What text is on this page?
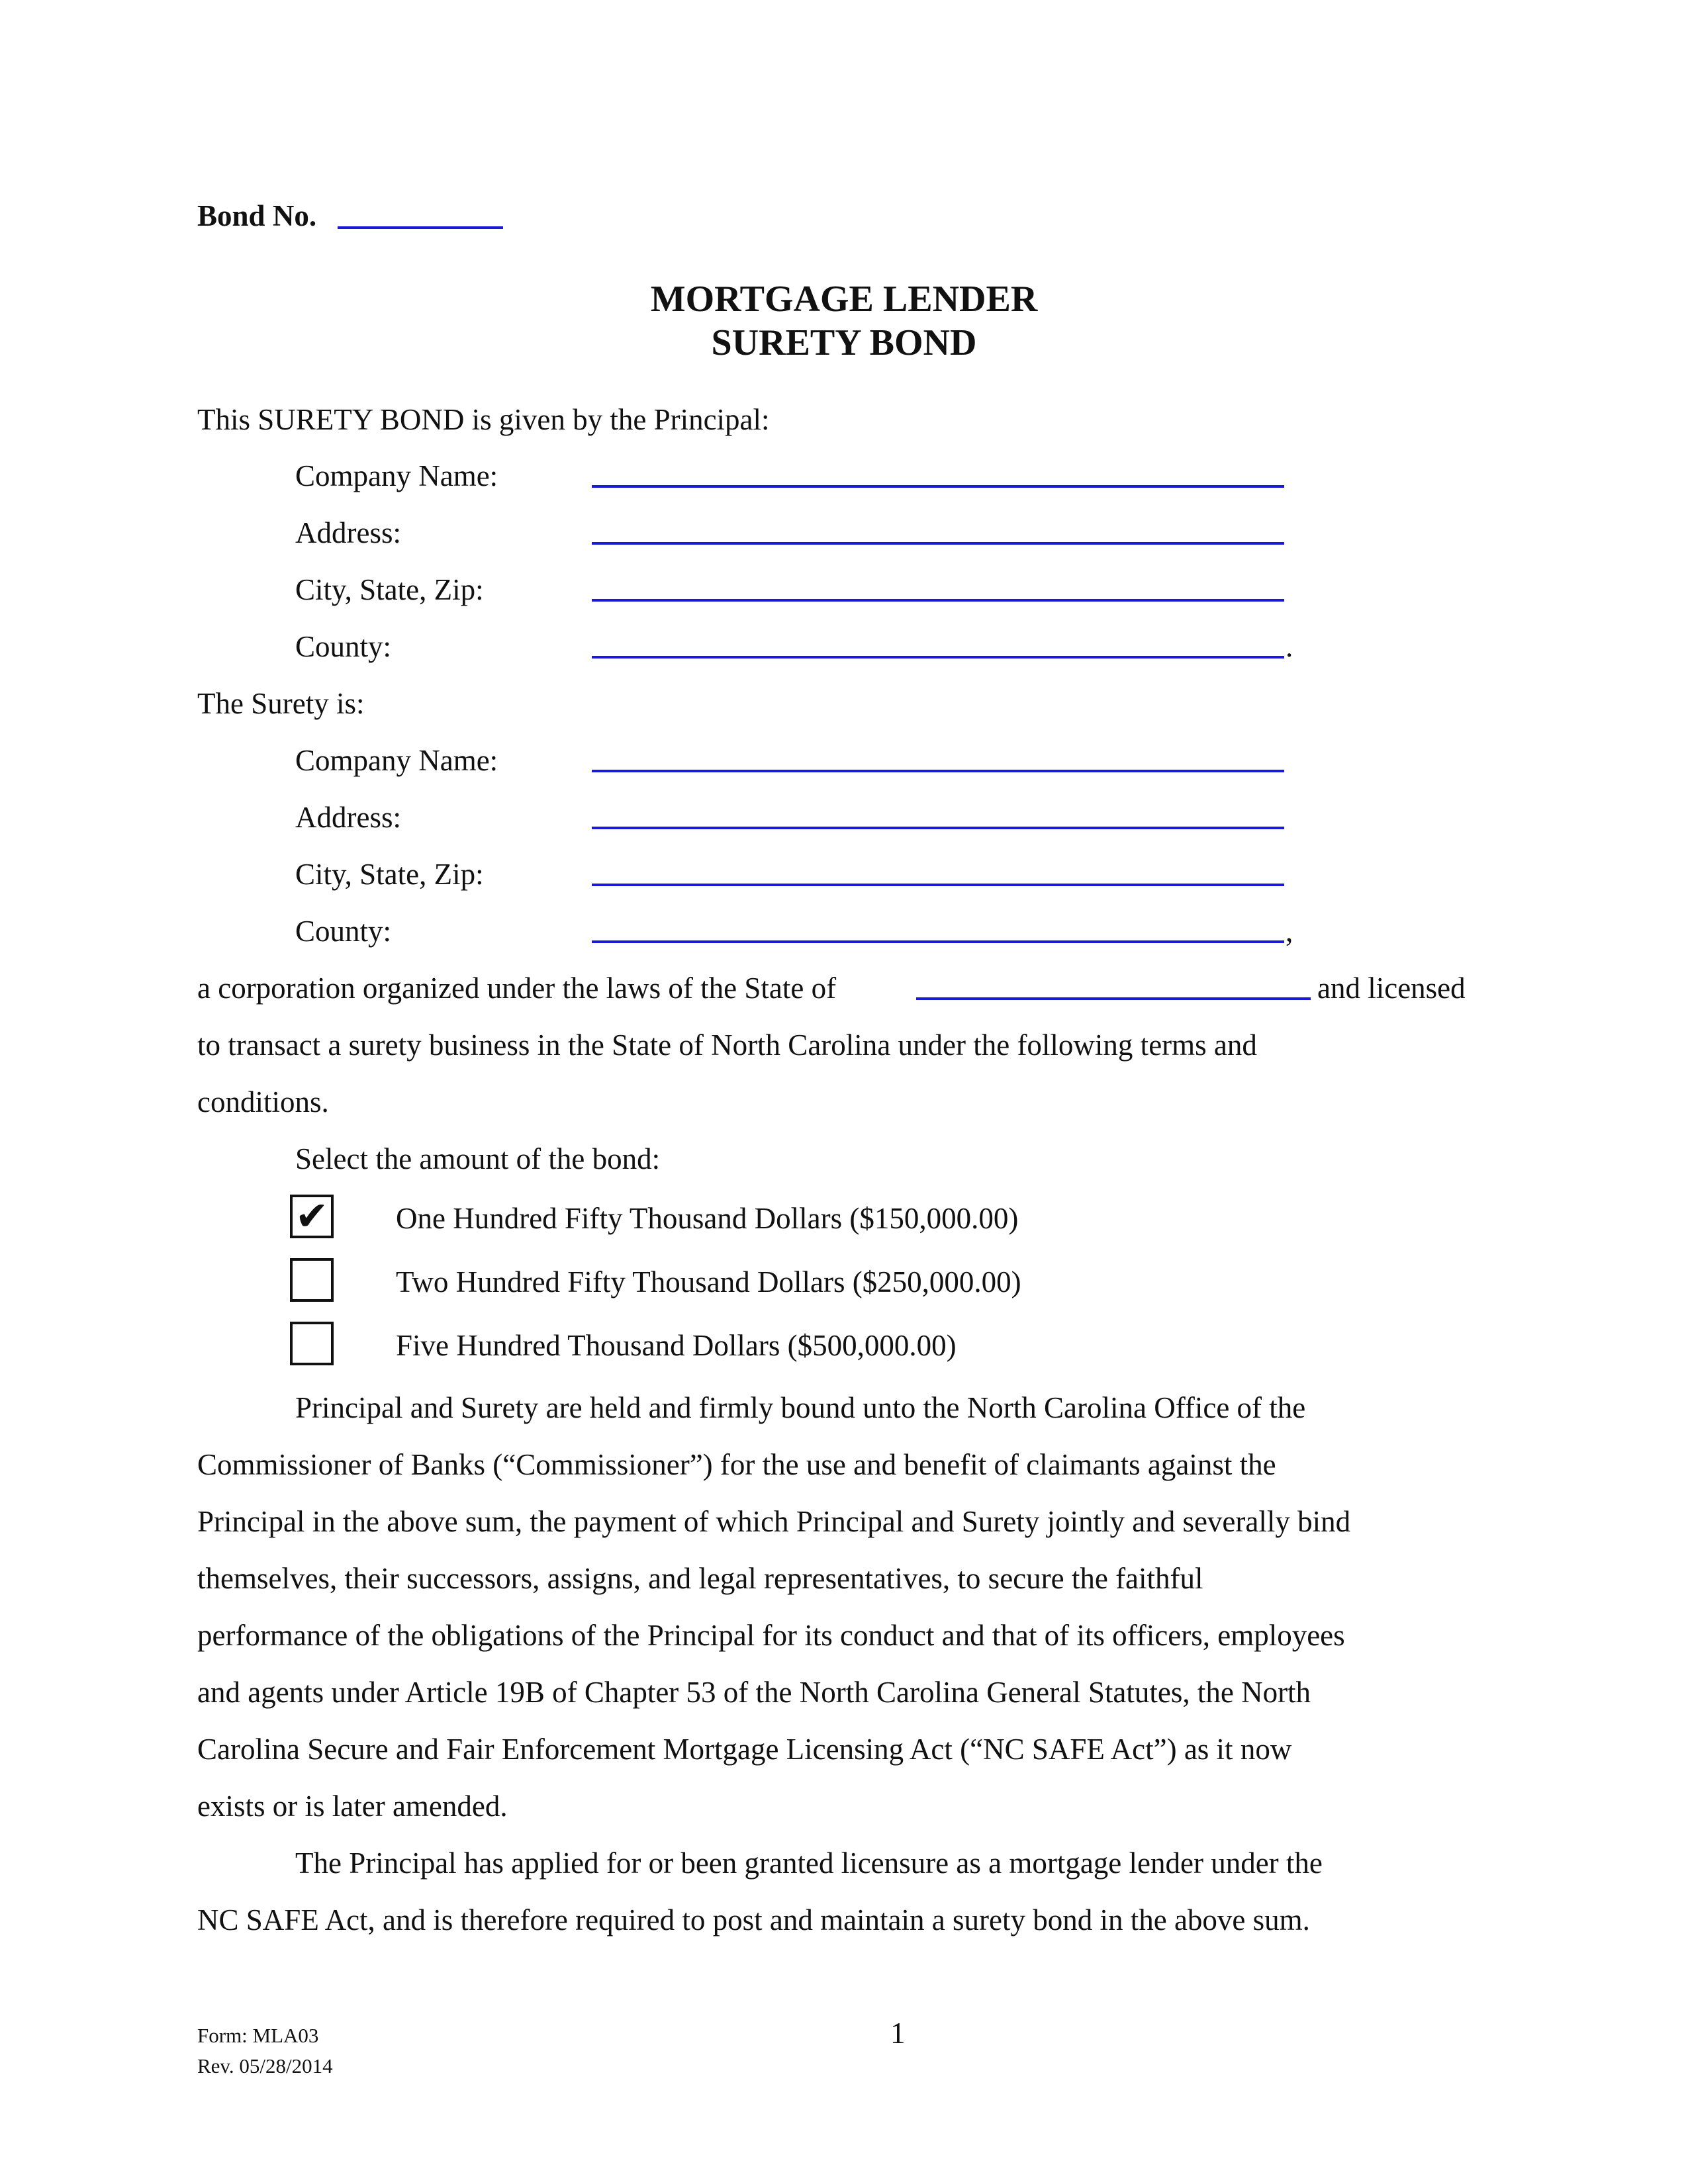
Bond No.
MORTGAGE LENDER
SURETY BOND
This SURETY BOND is given by the Principal:
Company Name:
Address:
City, State, Zip:
County:	.
The Surety is:
Company Name:
Address:
City, State, Zip:
County:	,
a corporation organized under the laws of the State of	and licensed
to transact a surety business in the State of North Carolina under the following terms and
conditions.
Select the amount of the bond:
✔ One Hundred Fifty Thousand Dollars ($150,000.00)
Two Hundred Fifty Thousand Dollars ($250,000.00)
Five Hundred Thousand Dollars ($500,000.00)
Principal and Surety are held and firmly bound unto the North Carolina Office of the
Commissioner of Banks (“Commissioner”) for the use and benefit of claimants against the
Principal in the above sum, the payment of which Principal and Surety jointly and severally bind
themselves, their successors, assigns, and legal representatives, to secure the faithful
performance of the obligations of the Principal for its conduct and that of its officers, employees
and agents under Article 19B of Chapter 53 of the North Carolina General Statutes, the North
Carolina Secure and Fair Enforcement Mortgage Licensing Act (“NC SAFE Act”) as it now
exists or is later amended.
The Principal has applied for or been granted licensure as a mortgage lender under the
NC SAFE Act, and is therefore required to post and maintain a surety bond in the above sum.
Form: MLA03
Rev. 05/28/2014
1
